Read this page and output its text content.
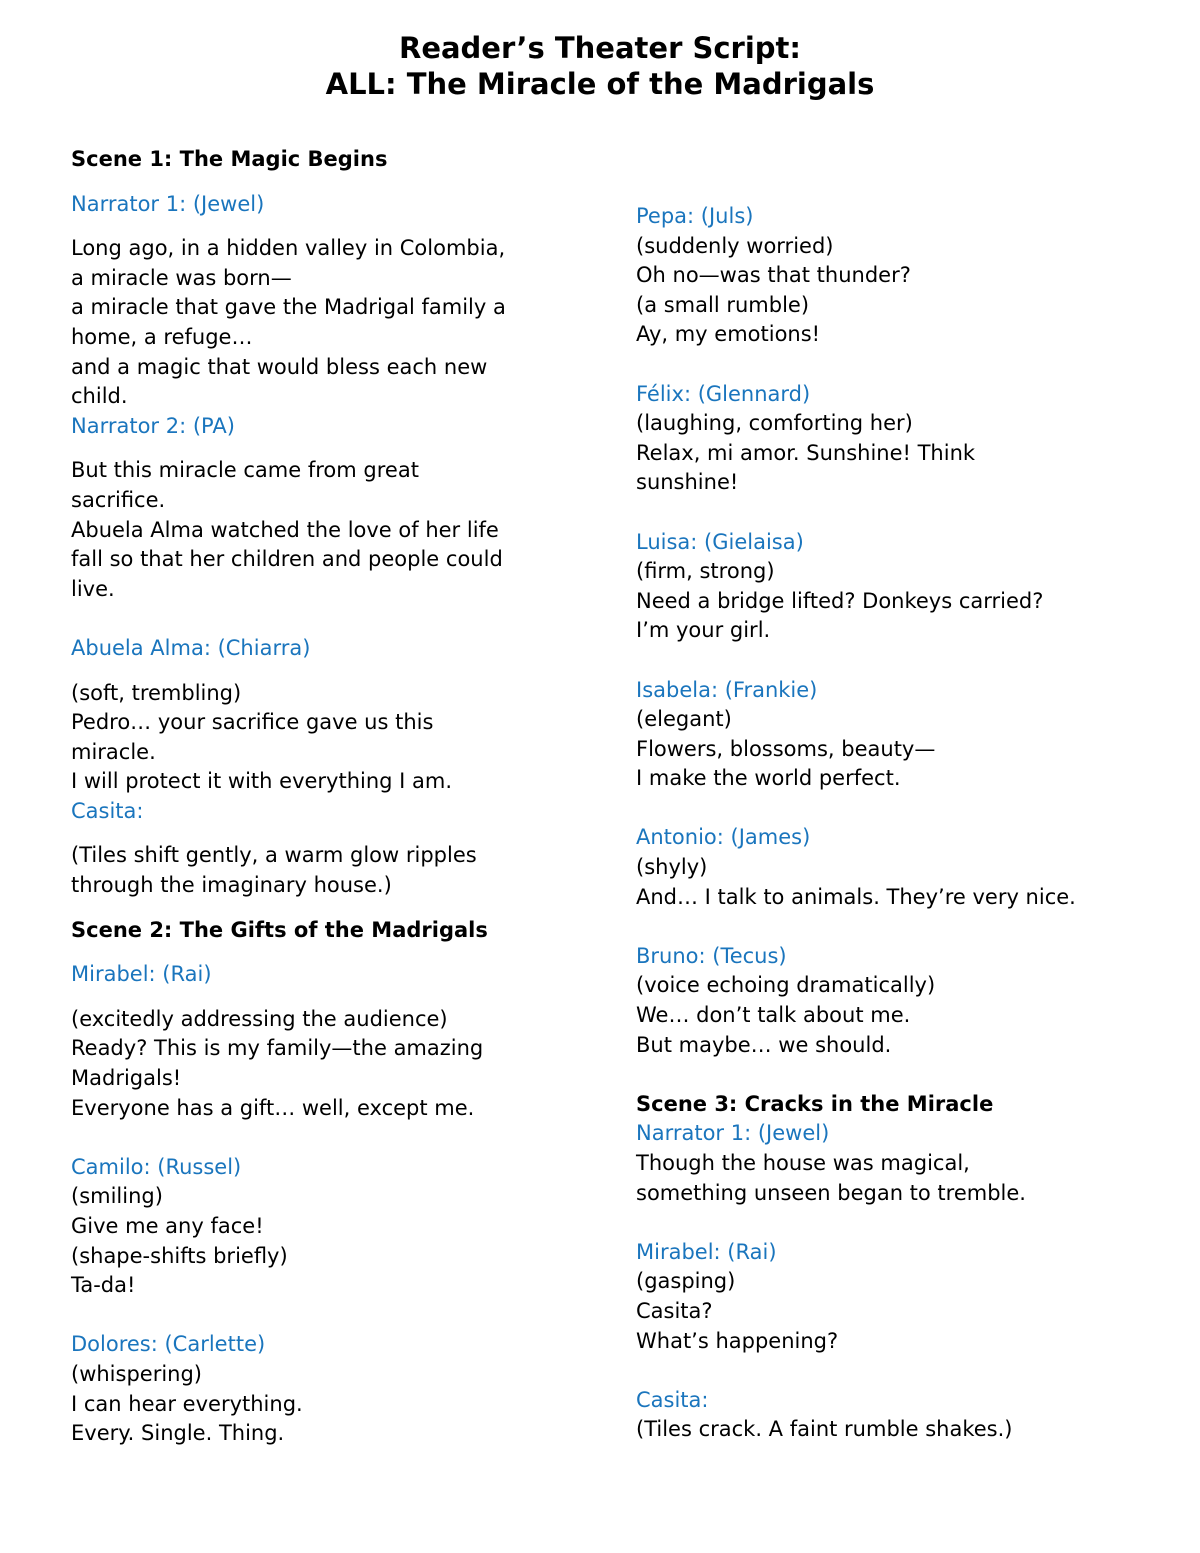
Reader’s Theater Script:
ALL: The Miracle of the Madrigals
Scene 1: The Magic Begins
Narrator 1: (Jewel)
Long ago, in a hidden valley in Colombia,
a miracle was born—
a miracle that gave the Madrigal family a
home, a refuge…
and a magic that would bless each new
child.
Narrator 2: (PA)
But this miracle came from great
sacrifice.
Abuela Alma watched the love of her life
fall so that her children and people could
live.
Abuela Alma: (Chiarra)
(soft, trembling)
Pedro… your sacrifice gave us this
miracle.
I will protect it with everything I am.
Casita:
(Tiles shift gently, a warm glow ripples
through the imaginary house.)
Scene 2: The Gifts of the Madrigals
Mirabel: (Rai)
(excitedly addressing the audience)
Ready? This is my family—the amazing
Madrigals!
Everyone has a gift… well, except me.
Camilo: (Russel)
(smiling)
Give me any face!
(shape-shifts briefly)
Ta-da!
Dolores: (Carlette)
(whispering)
I can hear everything.
Every. Single. Thing.
Pepa: (Juls)
(suddenly worried)
Oh no—was that thunder?
(a small rumble)
Ay, my emotions!
Félix: (Glennard)
(laughing, comforting her)
Relax, mi amor. Sunshine! Think
sunshine!
Luisa: (Gielaisa)
(firm, strong)
Need a bridge lifted? Donkeys carried?
I’m your girl.
Isabela: (Frankie)
(elegant)
Flowers, blossoms, beauty—
I make the world perfect.
Antonio: (James)
(shyly)
And… I talk to animals. They’re very nice.
Bruno: (Tecus)
(voice echoing dramatically)
We… don’t talk about me.
But maybe… we should.
Scene 3: Cracks in the Miracle
Narrator 1: (Jewel)
Though the house was magical,
something unseen began to tremble.
Mirabel: (Rai)
(gasping)
Casita?
What’s happening?
Casita:
(Tiles crack. A faint rumble shakes.)
